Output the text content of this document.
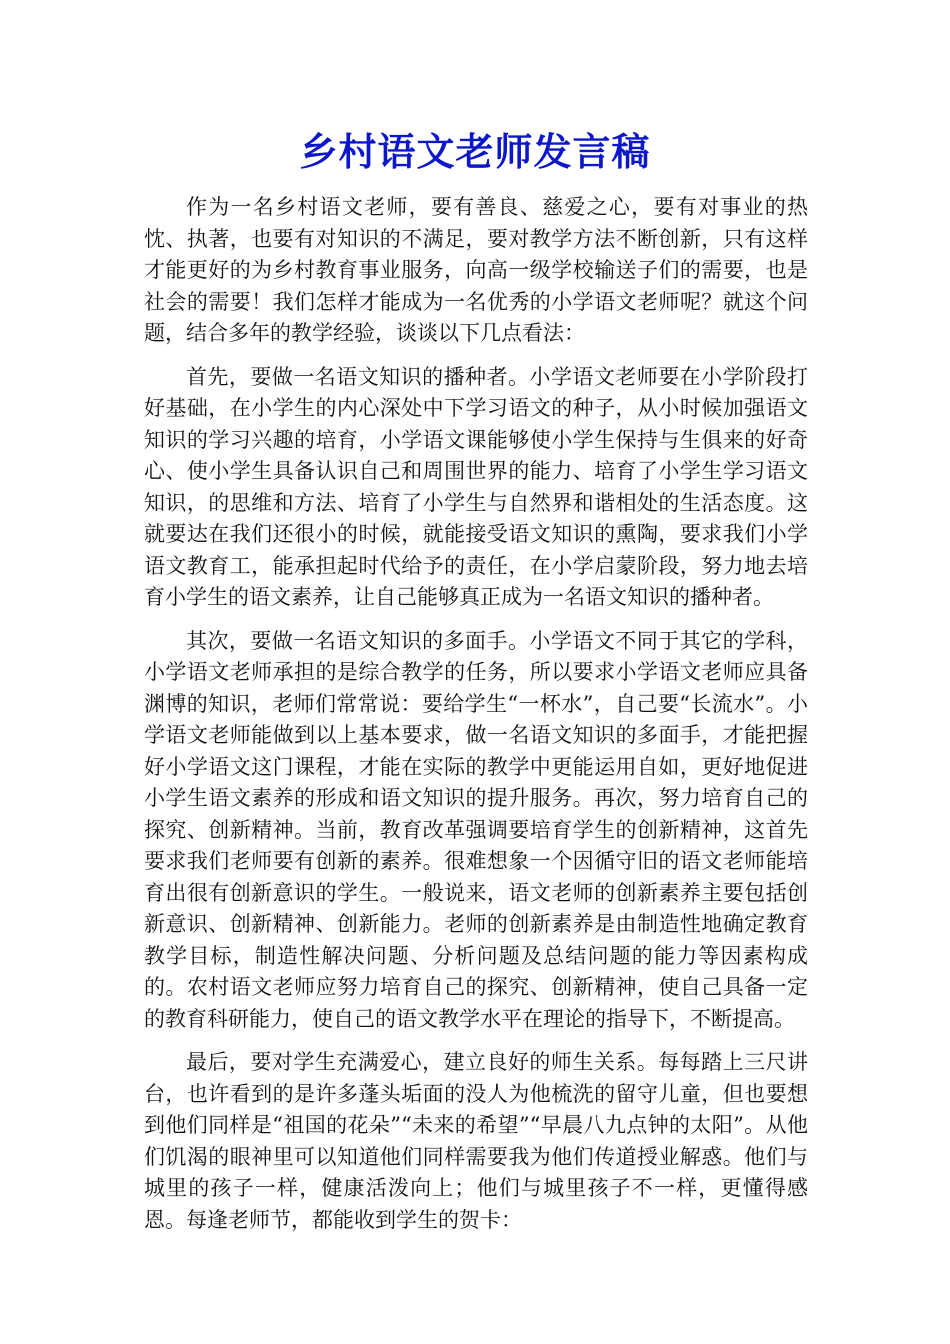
乡村语文老师发言稿

作为一名乡村语文老师，要有善良、慈爱之心，要有对事业的热忱、执著，也要有对知识的不满足，要对教学方法不断创新，只有这样才能更好的为乡村教育事业服务，向高一级学校输送子们的需要，也是社会的需要！我们怎样才能成为一名优秀的小学语文老师呢？就这个问题，结合多年的教学经验，谈谈以下几点看法：

首先，要做一名语文知识的播种者。小学语文老师要在小学阶段打好基础，在小学生的内心深处中下学习语文的种子，从小时候加强语文知识的学习兴趣的培育，小学语文课能够使小学生保持与生俱来的好奇心、使小学生具备认识自己和周围世界的能力、培育了小学生学习语文知识，的思维和方法、培育了小学生与自然界和谐相处的生活态度。这就要达在我们还很小的时候，就能接受语文知识的熏陶，要求我们小学语文教育工，能承担起时代给予的责任，在小学启蒙阶段，努力地去培育小学生的语文素养，让自己能够真正成为一名语文知识的播种者。

其次，要做一名语文知识的多面手。小学语文不同于其它的学科，小学语文老师承担的是综合教学的任务，所以要求小学语文老师应具备渊博的知识，老师们常常说：要给学生“一杯水”，自己要“长流水”。小学语文老师能做到以上基本要求，做一名语文知识的多面手，才能把握好小学语文这门课程，才能在实际的教学中更能运用自如，更好地促进小学生语文素养的形成和语文知识的提升服务。再次，努力培育自己的探究、创新精神。当前，教育改革强调要培育学生的创新精神，这首先要求我们老师要有创新的素养。很难想象一个因循守旧的语文老师能培育出很有创新意识的学生。一般说来，语文老师的创新素养主要包括创新意识、创新精神、创新能力。老师的创新素养是由制造性地确定教育教学目标，制造性解决问题、分析问题及总结问题的能力等因素构成的。农村语文老师应努力培育自己的探究、创新精神，使自己具备一定的教育科研能力，使自己的语文教学水平在理论的指导下，不断提高。

最后，要对学生充满爱心，建立良好的师生关系。每每踏上三尺讲台，也许看到的是许多蓬头垢面的没人为他梳洗的留守儿童，但也要想到他们同样是“祖国的花朵”“未来的希望”“早晨八九点钟的太阳”。从他们饥渴的眼神里可以知道他们同样需要我为他们传道授业解惑。他们与城里的孩子一样，健康活泼向上；他们与城里孩子不一样，更懂得感恩。每逢老师节，都能收到学生的贺卡：
